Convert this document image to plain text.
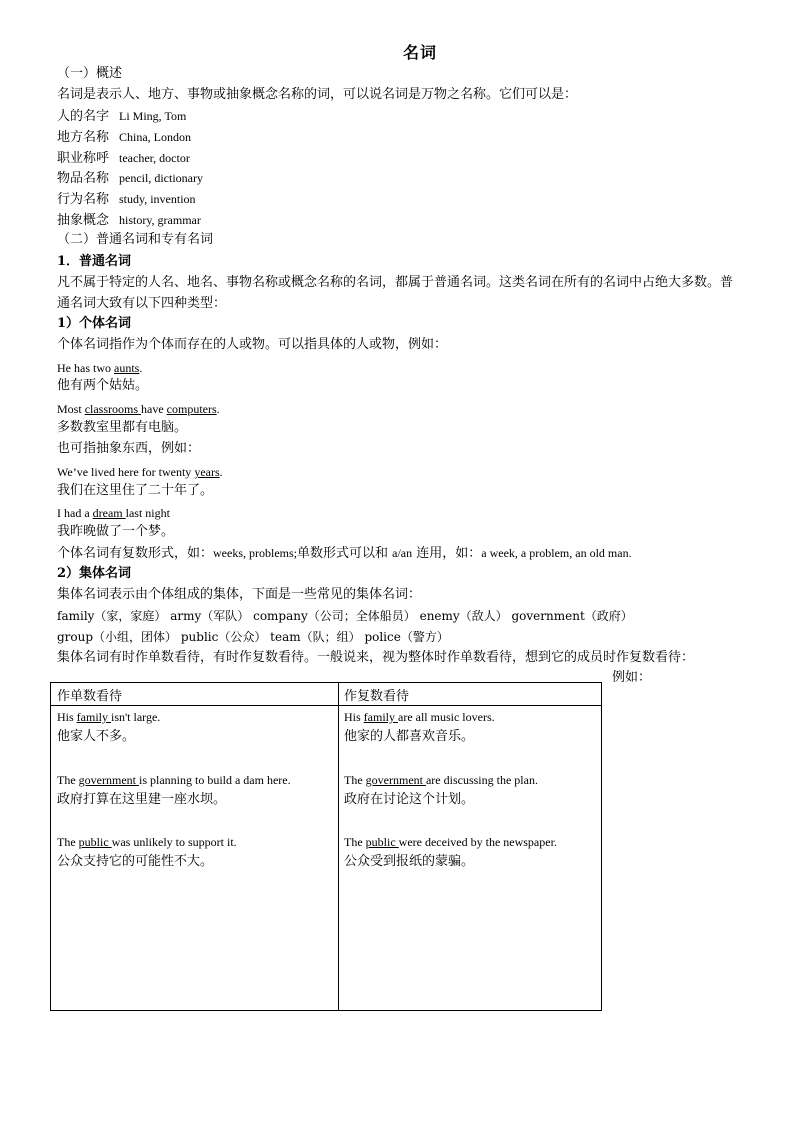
名词
（一）概述
名词是表示人、地方、事物或抽象概念名称的词，可以说名词是万物之名称。它们可以是：
人的名字 Li Ming, Tom
地方名称 China, London
职业称呼 teacher, doctor
物品名称 pencil, dictionary
行为名称 study, invention
抽象概念 history, grammar
（二）普通名词和专有名词
1．普通名词
凡不属于特定的人名、地名、事物名称或概念名称的名词，都属于普通名词。这类名词在所有的名词中占绝大多数。普通名词大致有以下四种类型：
1）个体名词
个体名词指作为个体而存在的人或物。可以指具体的人或物，例如：
He has two aunts.
他有两个姑姑。
Most classrooms have computers.
多数教室里都有电脑。
也可指抽象东西，例如：
We’ve lived here for twenty years.
我们在这里住了二十年了。
I had a dream last night
我昨晚做了一个梦。
个体名词有复数形式，如：weeks, problems;单数形式可以和 a/an 连用，如：a week, a problem, an old man.
2）集体名词
集体名词表示由个体组成的集体，下面是一些常见的集体名词：
family（家，家庭） army（军队） company（公司；全体船员） enemy（敌人） government（政府）
group（小组，团体） public（公众） team（队；组） police（警方）
集体名词有时作单数看待，有时作复数看待。一般说来，视为整体时作单数看待，想到它的成员时作复数看待：
例如：
作单数看待	作复数看待
His family isn't large.
他家人不多。
His family are all music lovers.
他家的人都喜欢音乐。
The government is planning to build a dam here.
政府打算在这里建一座水坝。
The government are discussing the plan.
政府在讨论这个计划。
The public was unlikely to support it.
公众支持它的可能性不大。
The public were deceived by the newspaper.
公众受到报纸的蒙骗。
